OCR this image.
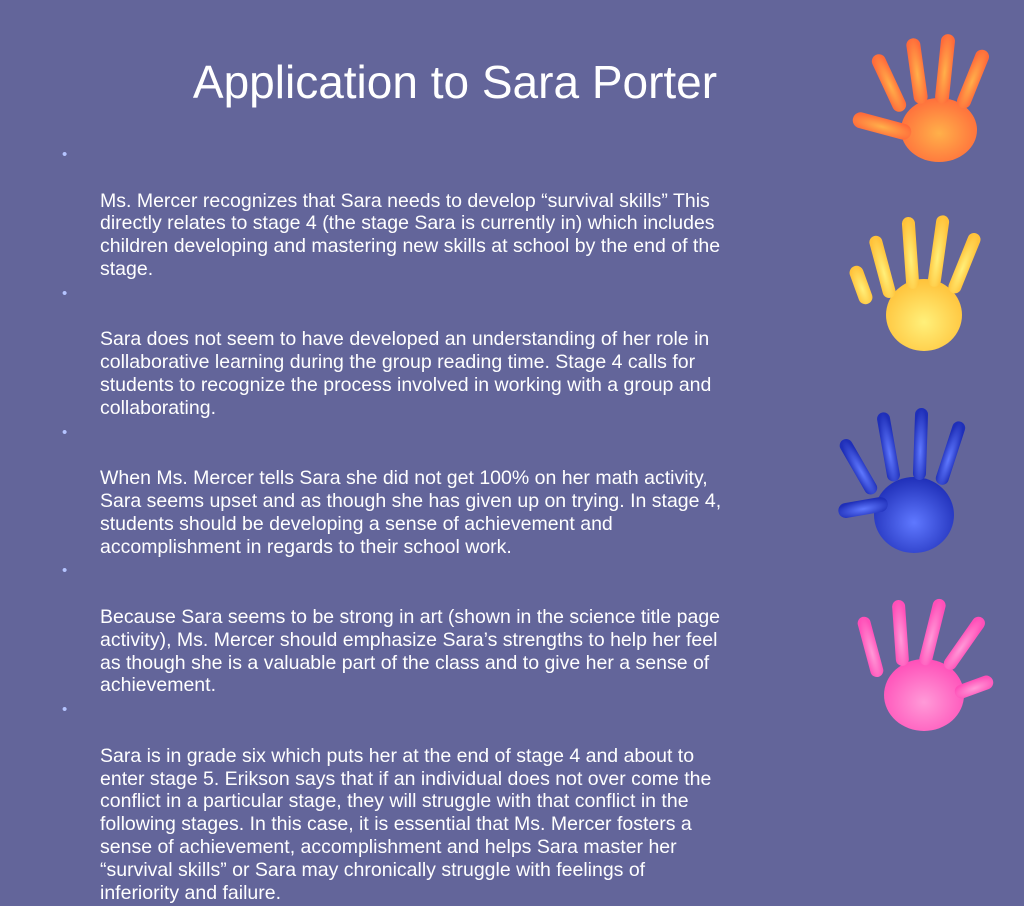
Application to Sara Porter

•

Ms. Mercer recognizes that Sara needs to develop “survival skills” This
directly relates to stage 4 (the stage Sara is currently in) which includes
children developing and mastering new skills at school by the end of the
stage.

•

Sara does not seem to have developed an understanding of her role in
collaborative learning during the group reading time. Stage 4 calls for
students to recognize the process involved in working with a group and
collaborating.

•

When Ms. Mercer tells Sara she did not get 100% on her math activity,
Sara seems upset and as though she has given up on trying. In stage 4,
students should be developing a sense of achievement and
accomplishment in regards to their school work.

•

Because Sara seems to be strong in art (shown in the science title page
activity), Ms. Mercer should emphasize Sara’s strengths to help her feel
as though she is a valuable part of the class and to give her a sense of
achievement.

•

Sara is in grade six which puts her at the end of stage 4 and about to
enter stage 5. Erikson says that if an individual does not over come the
conflict in a particular stage, they will struggle with that conflict in the
following stages. In this case, it is essential that Ms. Mercer fosters a
sense of achievement, accomplishment and helps Sara master her
“survival skills” or Sara may chronically struggle with feelings of
inferiority and failure.
